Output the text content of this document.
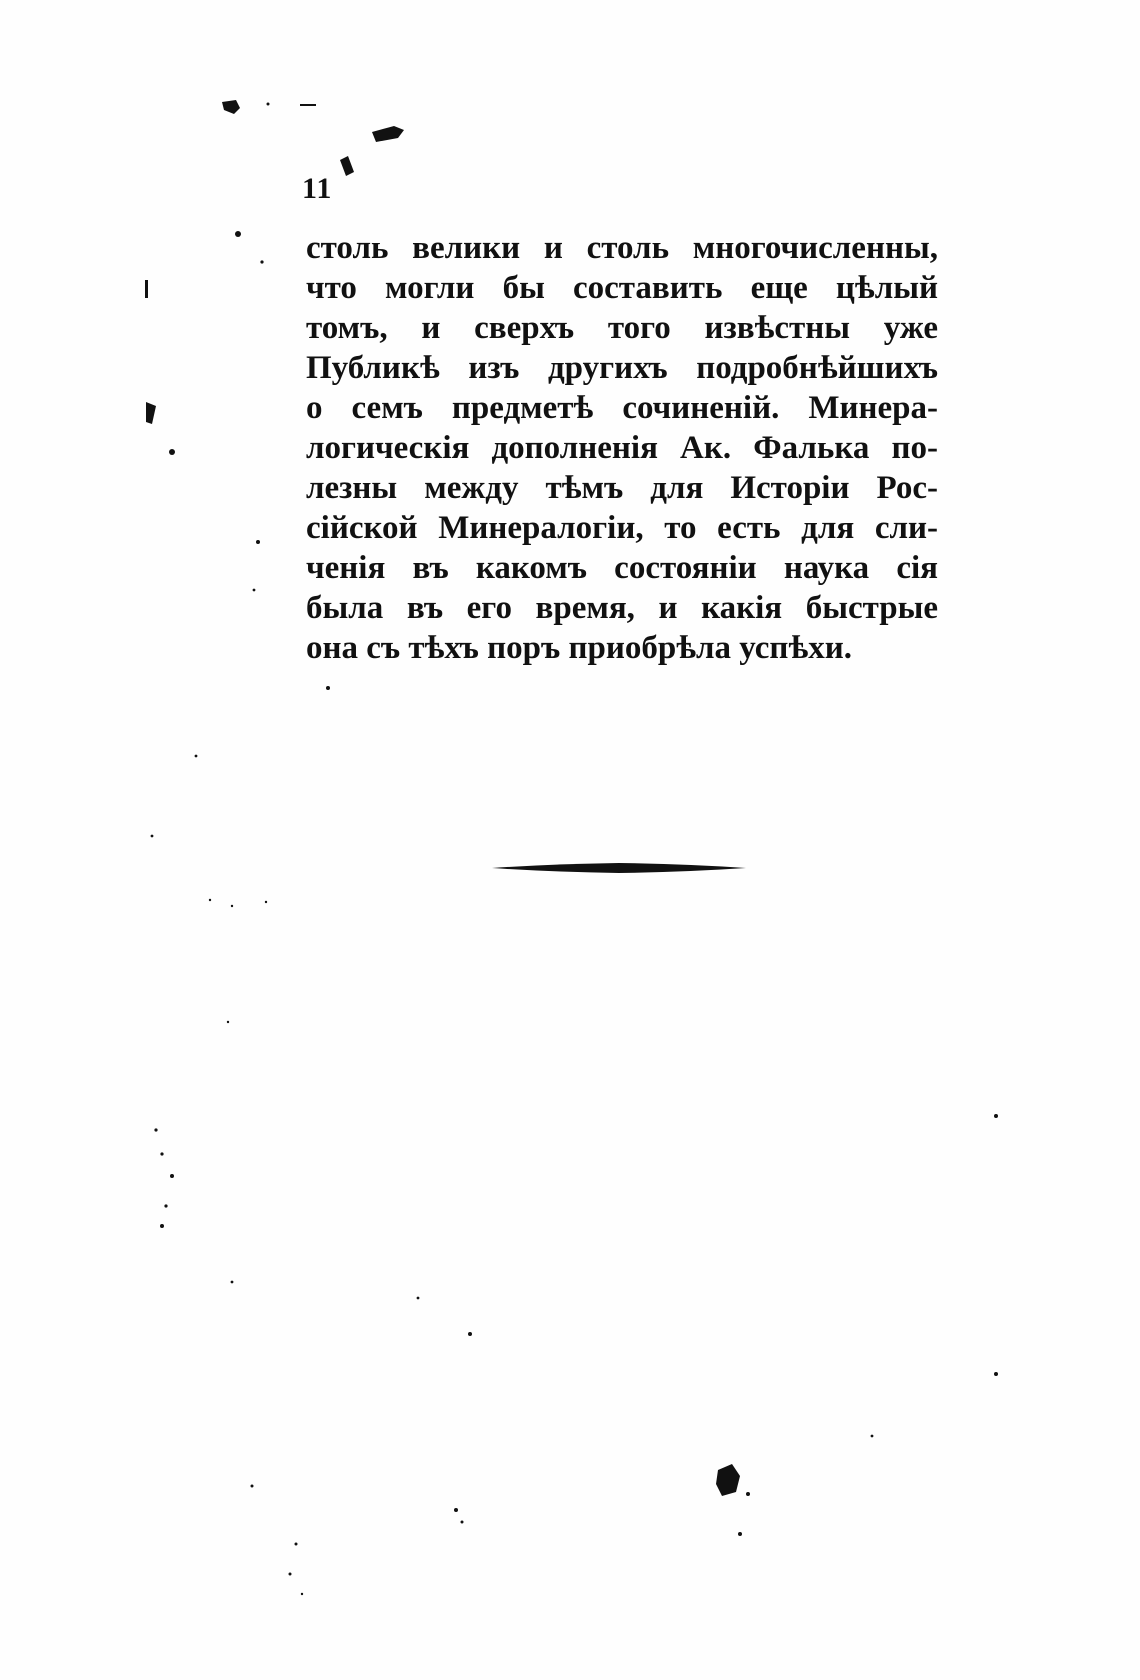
11
столь велики и столь многочисленны,
что могли бы составить еще цѣлый
томъ, и сверхъ того извѣстны уже
Публикѣ изъ другихъ подробнѣйшихъ
о семъ предметѣ сочиненій. Минера-
логическія дополненія Ак. Фалька по-
лезны между тѣмъ для Исторіи Рос-
сійской Минералогіи, то есть для сли-
ченія въ какомъ состояніи наука сія
была въ его время, и какія быстрые
она съ тѣхъ поръ приобрѣла успѣхи.
